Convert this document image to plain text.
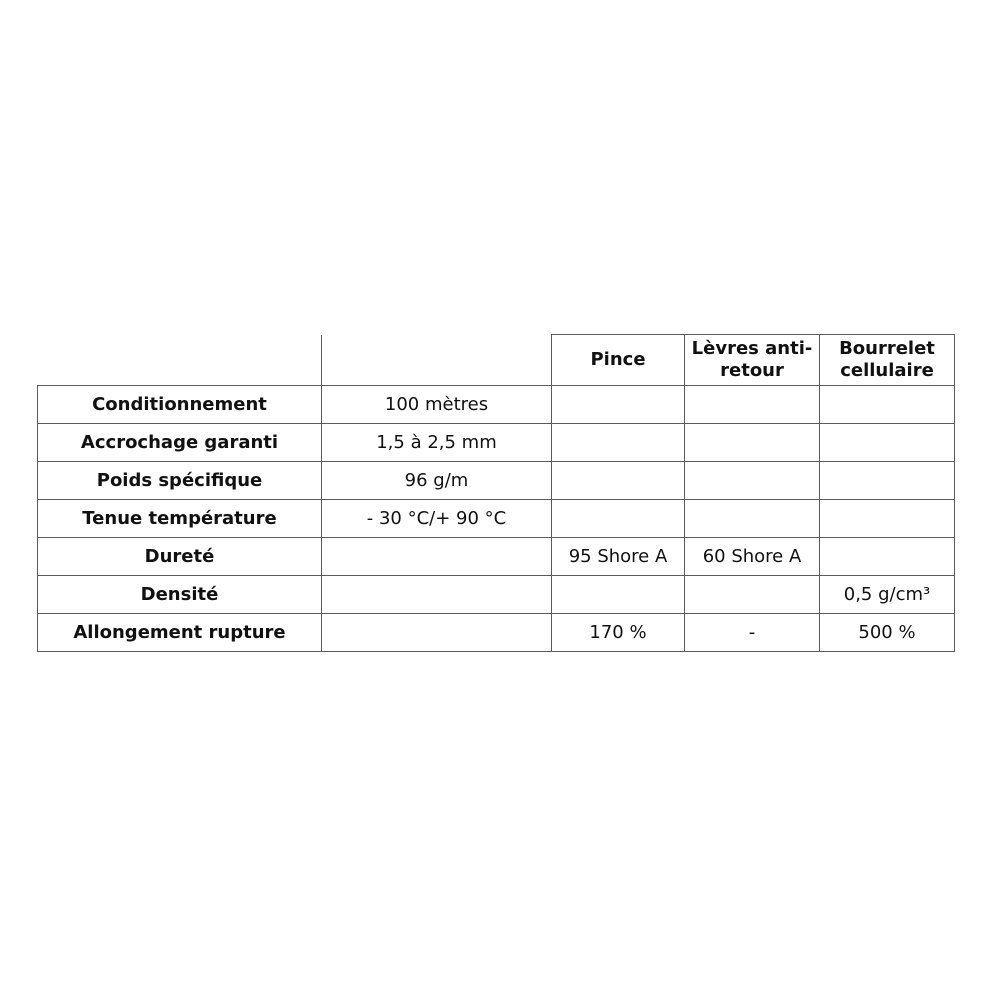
		Pince	Lèvres anti-retour	Bourrelet cellulaire
Conditionnement	100 mètres			
Accrochage garanti	1,5 à 2,5 mm			
Poids spécifique	96 g/m			
Tenue température	- 30 °C/+ 90 °C			
Dureté		95 Shore A	60 Shore A	
Densité				0,5 g/cm³
Allongement rupture		170 %	-	500 %
